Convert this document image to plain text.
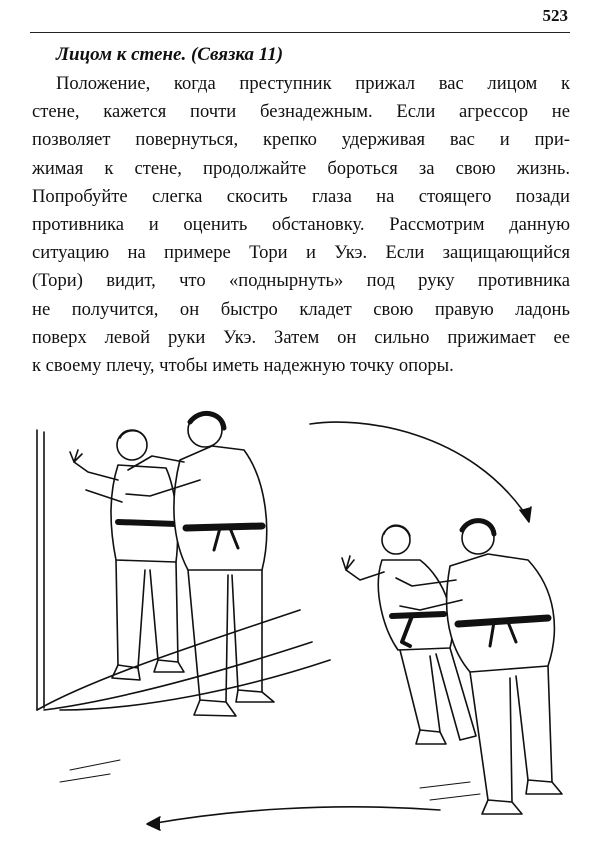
523
Лицом к стене. (Связка 11)
Положение, когда преступник прижал вас лицом к
стене, кажется почти безнадежным. Если агрессор не
позволяет повернуться, крепко удерживая вас и при-
жимая к стене, продолжайте бороться за свою жизнь.
Попробуйте слегка скосить глаза на стоящего позади
противника и оценить обстановку. Рассмотрим данную
ситуацию на примере Тори и Укэ. Если защищающийся
(Тори) видит, что «поднырнуть» под руку противника
не получится, он быстро кладет свою правую ладонь
поверх левой руки Укэ. Затем он сильно прижимает ее
к своему плечу, чтобы иметь надежную точку опоры.
